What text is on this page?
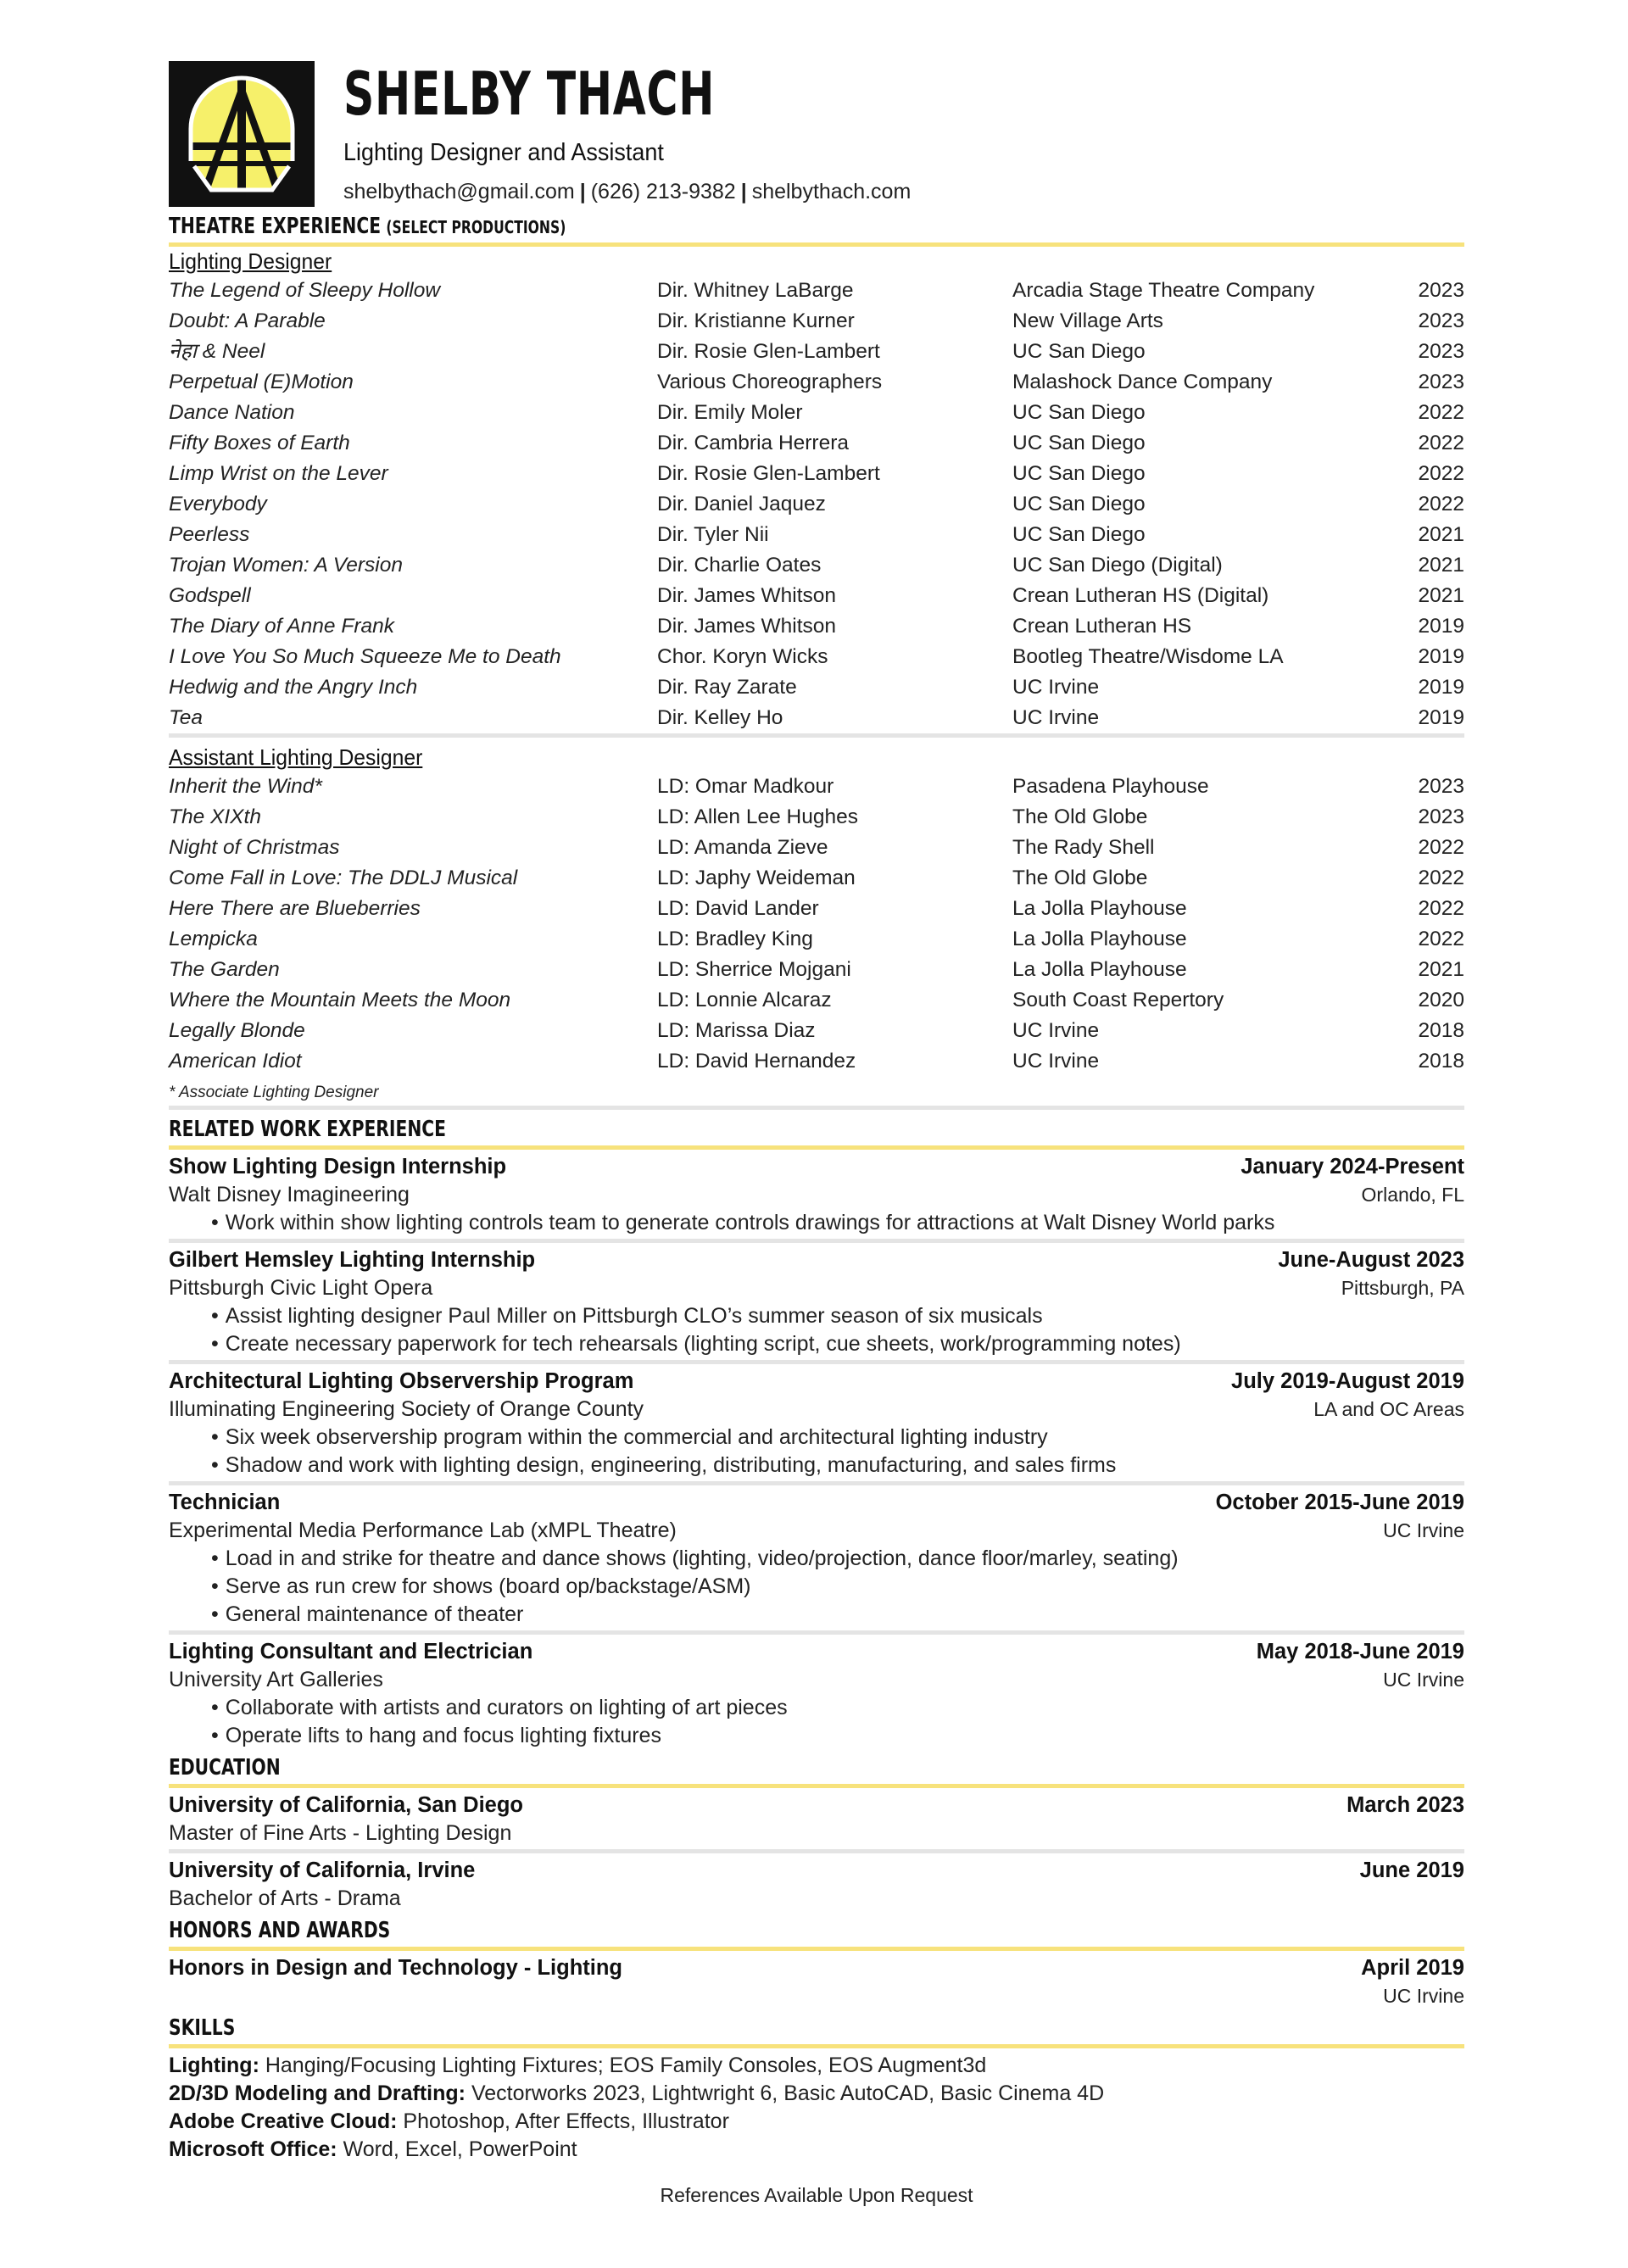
SHELBY THACH
Lighting Designer and Assistant
shelbythach@gmail.com | (626) 213-9382 | shelbythach.com
THEATRE EXPERIENCE (SELECT PRODUCTIONS)
Lighting Designer
The Legend of Sleepy Hollow	Dir. Whitney LaBarge	Arcadia Stage Theatre Company	2023
Doubt: A Parable	Dir. Kristianne Kurner	New Village Arts	2023
नेहा & Neel	Dir. Rosie Glen-Lambert	UC San Diego	2023
Perpetual (E)Motion	Various Choreographers	Malashock Dance Company	2023
Dance Nation	Dir. Emily Moler	UC San Diego	2022
Fifty Boxes of Earth	Dir. Cambria Herrera	UC San Diego	2022
Limp Wrist on the Lever	Dir. Rosie Glen-Lambert	UC San Diego	2022
Everybody	Dir. Daniel Jaquez	UC San Diego	2022
Peerless	Dir. Tyler Nii	UC San Diego	2021
Trojan Women: A Version	Dir. Charlie Oates	UC San Diego (Digital)	2021
Godspell	Dir. James Whitson	Crean Lutheran HS (Digital)	2021
The Diary of Anne Frank	Dir. James Whitson	Crean Lutheran HS	2019
I Love You So Much Squeeze Me to Death	Chor. Koryn Wicks	Bootleg Theatre/Wisdome LA	2019
Hedwig and the Angry Inch	Dir. Ray Zarate	UC Irvine	2019
Tea	Dir. Kelley Ho	UC Irvine	2019
Assistant Lighting Designer
Inherit the Wind*	LD: Omar Madkour	Pasadena Playhouse	2023
The XIXth	LD: Allen Lee Hughes	The Old Globe	2023
Night of Christmas	LD: Amanda Zieve	The Rady Shell	2022
Come Fall in Love: The DDLJ Musical	LD: Japhy Weideman	The Old Globe	2022
Here There are Blueberries	LD: David Lander	La Jolla Playhouse	2022
Lempicka	LD: Bradley King	La Jolla Playhouse	2022
The Garden	LD: Sherrice Mojgani	La Jolla Playhouse	2021
Where the Mountain Meets the Moon	LD: Lonnie Alcaraz	South Coast Repertory	2020
Legally Blonde	LD: Marissa Diaz	UC Irvine	2018
American Idiot	LD: David Hernandez	UC Irvine	2018
* Associate Lighting Designer
RELATED WORK EXPERIENCE
Show Lighting Design Internship	January 2024-Present
Walt Disney Imagineering	Orlando, FL
• Work within show lighting controls team to generate controls drawings for attractions at Walt Disney World parks
Gilbert Hemsley Lighting Internship	June-August 2023
Pittsburgh Civic Light Opera	Pittsburgh, PA
• Assist lighting designer Paul Miller on Pittsburgh CLO’s summer season of six musicals
• Create necessary paperwork for tech rehearsals (lighting script, cue sheets, work/programming notes)
Architectural Lighting Observership Program	July 2019-August 2019
Illuminating Engineering Society of Orange County	LA and OC Areas
• Six week observership program within the commercial and architectural lighting industry
• Shadow and work with lighting design, engineering, distributing, manufacturing, and sales firms
Technician	October 2015-June 2019
Experimental Media Performance Lab (xMPL Theatre)	UC Irvine
• Load in and strike for theatre and dance shows (lighting, video/projection, dance floor/marley, seating)
• Serve as run crew for shows (board op/backstage/ASM)
• General maintenance of theater
Lighting Consultant and Electrician	May 2018-June 2019
University Art Galleries	UC Irvine
• Collaborate with artists and curators on lighting of art pieces
• Operate lifts to hang and focus lighting fixtures
EDUCATION
University of California, San Diego	March 2023
Master of Fine Arts - Lighting Design
University of California, Irvine	June 2019
Bachelor of Arts - Drama
HONORS AND AWARDS
Honors in Design and Technology - Lighting	April 2019
UC Irvine
SKILLS
Lighting: Hanging/Focusing Lighting Fixtures; EOS Family Consoles, EOS Augment3d
2D/3D Modeling and Drafting: Vectorworks 2023, Lightwright 6, Basic AutoCAD, Basic Cinema 4D
Adobe Creative Cloud: Photoshop, After Effects, Illustrator
Microsoft Office: Word, Excel, PowerPoint
References Available Upon Request
